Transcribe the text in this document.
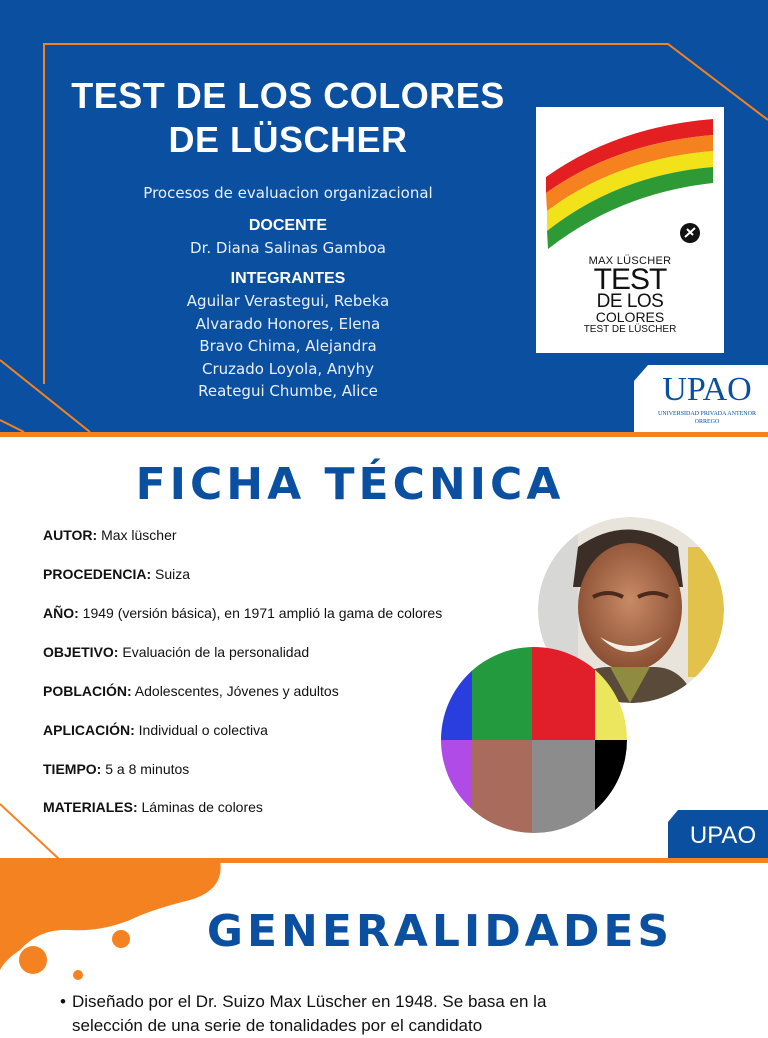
TEST DE LOS COLORES
DE LÜSCHER
Procesos de evaluacion organizacional
DOCENTE
Dr. Diana Salinas Gamboa
INTEGRANTES
Aguilar Verastegui, Rebeka
Alvarado Honores, Elena
Bravo Chima, Alejandra
Cruzado Loyola, Anyhy
Reategui Chumbe, Alice
MAX LÜSCHER
TEST
DE LOS
COLORES
TEST DE LÜSCHER
UPAO
UNIVERSIDAD PRIVADA ANTENOR ORREGO
FICHA TÉCNICA
AUTOR: Max lüscher
PROCEDENCIA: Suiza
AÑO: 1949 (versión básica), en 1971 amplió la gama de colores
OBJETIVO: Evaluación de la personalidad
POBLACIÓN: Adolescentes, Jóvenes y adultos
APLICACIÓN: Individual o colectiva
TIEMPO: 5 a 8 minutos
MATERIALES: Láminas de colores
UPAO
GENERALIDADES
• Diseñado por el Dr. Suizo Max Lüscher en 1948. Se basa en la selección de una serie de tonalidades por el candidato
